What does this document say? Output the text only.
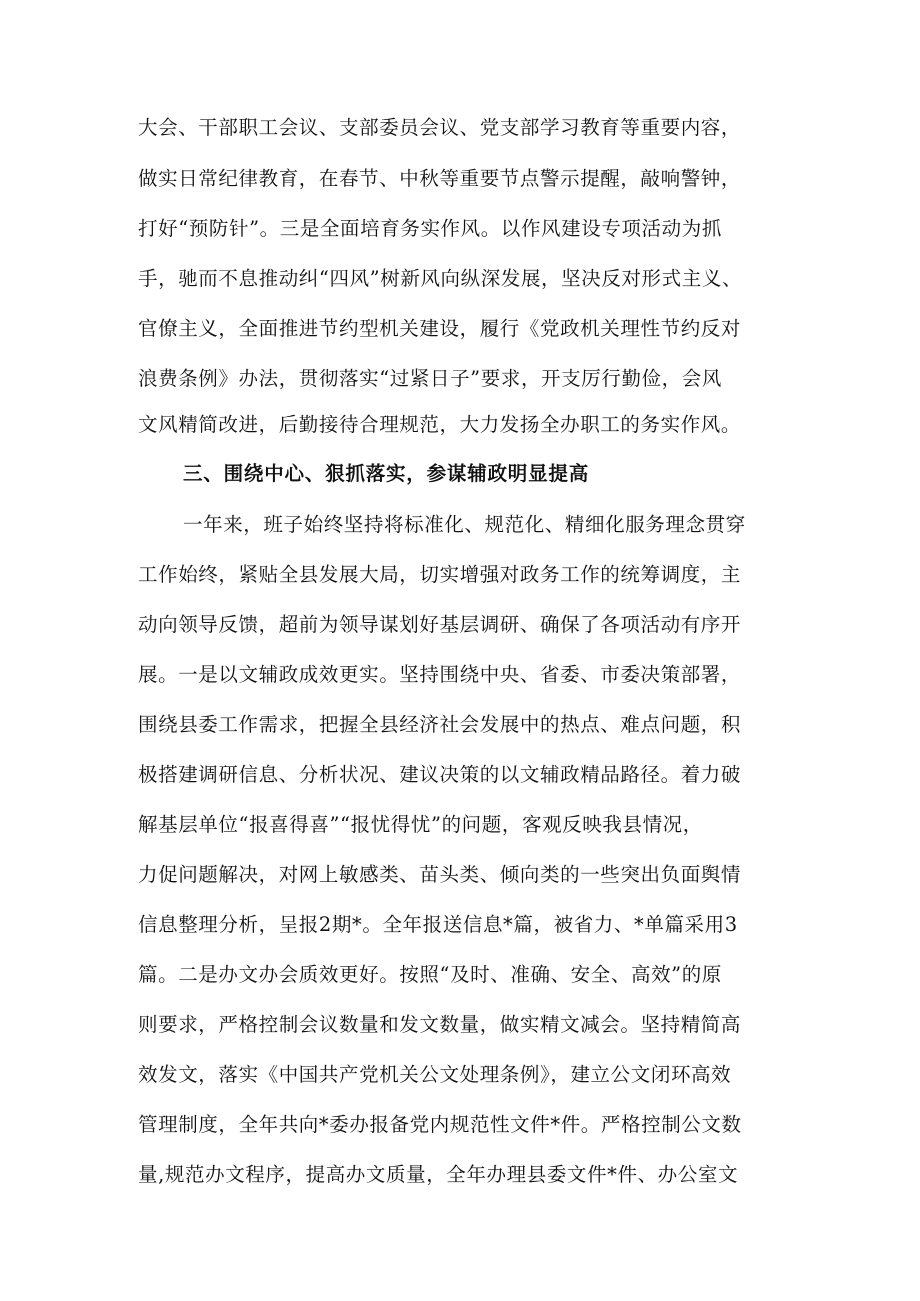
大会、干部职工会议、支部委员会议、党支部学习教育等重要内容，
做实日常纪律教育，在春节、中秋等重要节点警示提醒，敲响警钟，
打好“预防针”。三是全面培育务实作风。以作风建设专项活动为抓
手，驰而不息推动纠“四风”树新风向纵深发展，坚决反对形式主义、
官僚主义，全面推进节约型机关建设，履行《党政机关理性节约反对
浪费条例》办法，贯彻落实“过紧日子”要求，开支厉行勤俭，会风
文风精简改进，后勤接待合理规范，大力发扬全办职工的务实作风。
三、围绕中心、狠抓落实，参谋辅政明显提高
一年来，班子始终坚持将标准化、规范化、精细化服务理念贯穿
工作始终，紧贴全县发展大局，切实增强对政务工作的统筹调度，主
动向领导反馈，超前为领导谋划好基层调研、确保了各项活动有序开
展。一是以文辅政成效更实。坚持围绕中央、省委、市委决策部署，
围绕县委工作需求，把握全县经济社会发展中的热点、难点问题，积
极搭建调研信息、分析状况、建议决策的以文辅政精品路径。着力破
解基层单位“报喜得喜”“报忧得忧”的问题，客观反映我县情况，
力促问题解决，对网上敏感类、苗头类、倾向类的一些突出负面舆情
信息整理分析，呈报2期*。全年报送信息*篇，被省力、*单篇采用3
篇。二是办文办会质效更好。按照“及时、准确、安全、高效”的原
则要求，严格控制会议数量和发文数量，做实精文减会。坚持精简高
效发文，落实《中国共产党机关公文处理条例》，建立公文闭环高效
管理制度，全年共向*委办报备党内规范性文件*件。严格控制公文数
量,规范办文程序，提高办文质量，全年办理县委文件*件、办公室文
